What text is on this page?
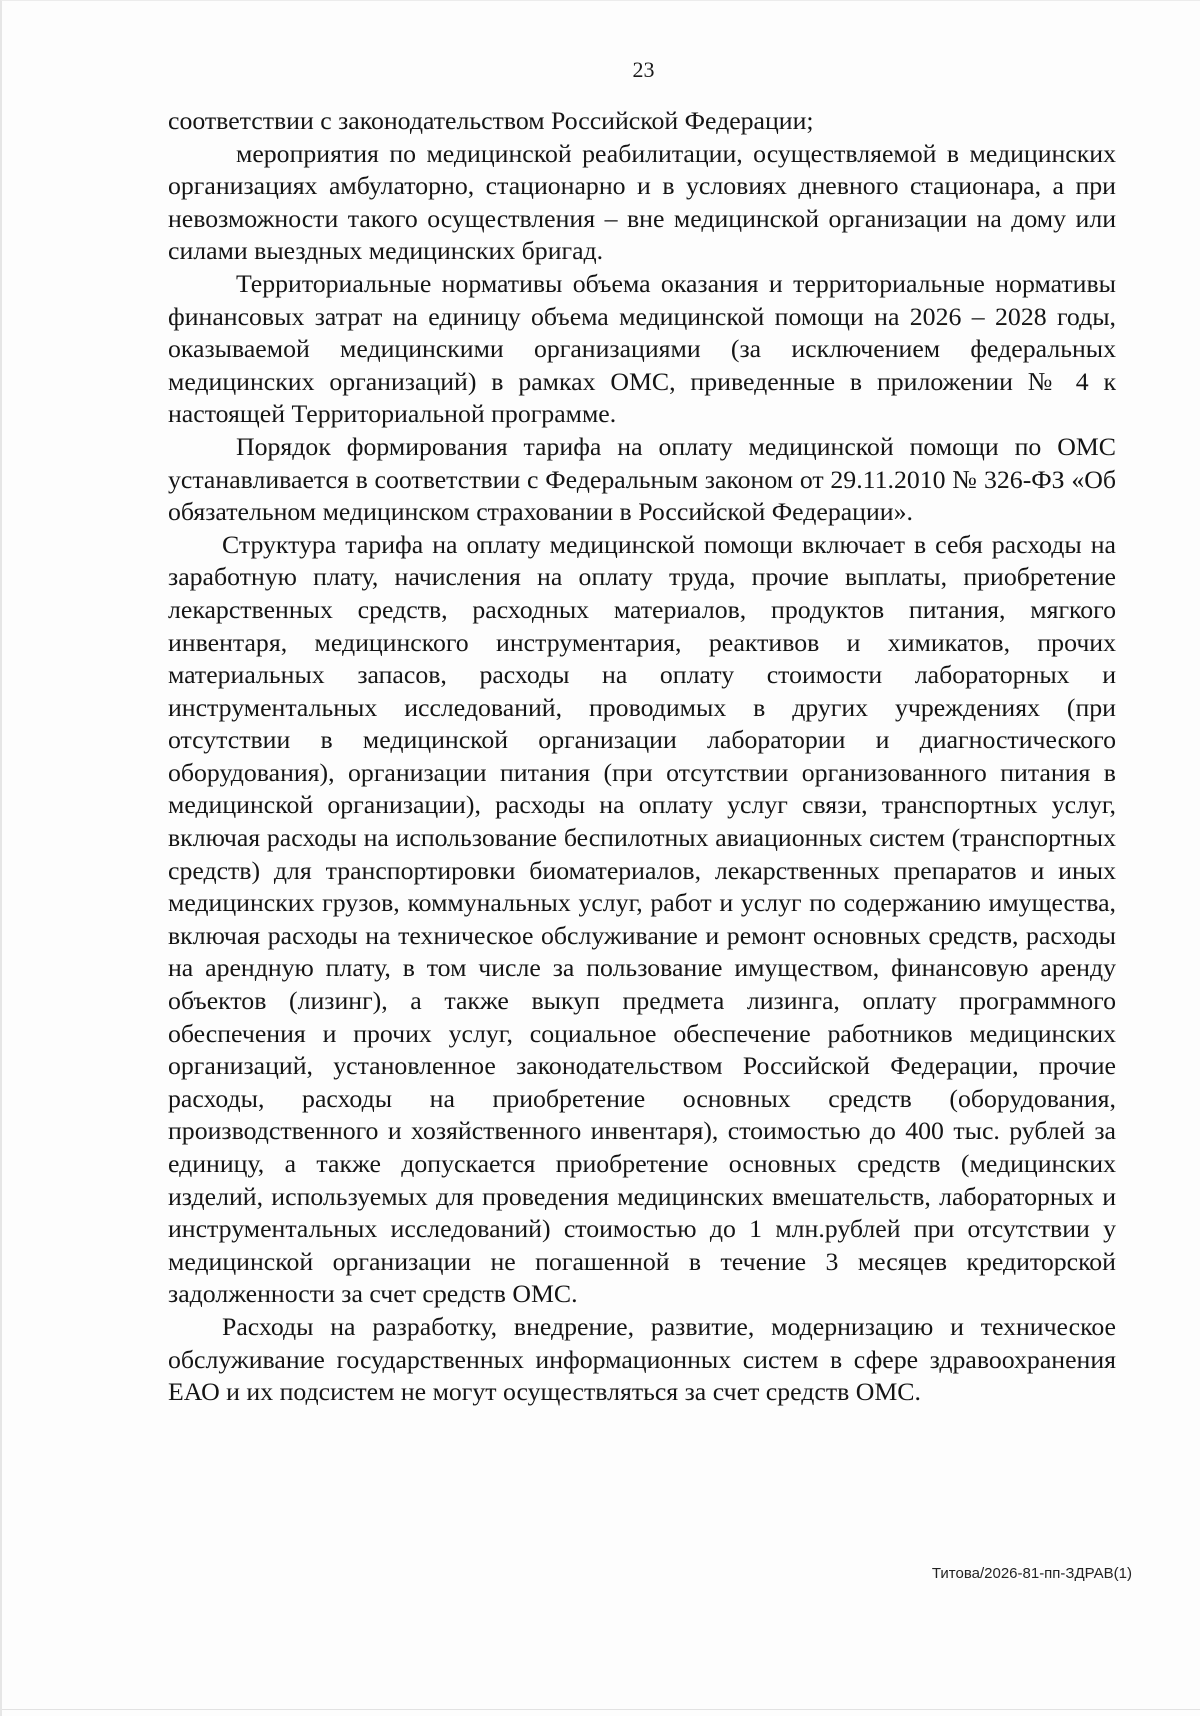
23

соответствии с законодательством Российской Федерации;

мероприятия по медицинской реабилитации, осуществляемой в медицинских организациях амбулаторно, стационарно и в условиях дневного стационара, а при невозможности такого осуществления – вне медицинской организации на дому или силами выездных медицинских бригад.

Территориальные нормативы объема оказания и территориальные нормативы финансовых затрат на единицу объема медицинской помощи на 2026 – 2028 годы, оказываемой медицинскими организациями (за исключением федеральных медицинских организаций) в рамках ОМС, приведенные в приложении № 4 к настоящей Территориальной программе.

Порядок формирования тарифа на оплату медицинской помощи по ОМС устанавливается в соответствии с Федеральным законом от 29.11.2010 № 326-ФЗ «Об обязательном медицинском страховании в Российской Федерации».

Структура тарифа на оплату медицинской помощи включает в себя расходы на заработную плату, начисления на оплату труда, прочие выплаты, приобретение лекарственных средств, расходных материалов, продуктов питания, мягкого инвентаря, медицинского инструментария, реактивов и химикатов, прочих материальных запасов, расходы на оплату стоимости лабораторных и инструментальных исследований, проводимых в других учреждениях (при отсутствии в медицинской организации лаборатории и диагностического оборудования), организации питания (при отсутствии организованного питания в медицинской организации), расходы на оплату услуг связи, транспортных услуг, включая расходы на использование беспилотных авиационных систем (транспортных средств) для транспортировки биоматериалов, лекарственных препаратов и иных медицинских грузов, коммунальных услуг, работ и услуг по содержанию имущества, включая расходы на техническое обслуживание и ремонт основных средств, расходы на арендную плату, в том числе за пользование имуществом, финансовую аренду объектов (лизинг), а также выкуп предмета лизинга, оплату программного обеспечения и прочих услуг, социальное обеспечение работников медицинских организаций, установленное законодательством Российской Федерации, прочие расходы, расходы на приобретение основных средств (оборудования, производственного и хозяйственного инвентаря), стоимостью до 400 тыс. рублей за единицу, а также допускается приобретение основных средств (медицинских изделий, используемых для проведения медицинских вмешательств, лабораторных и инструментальных исследований) стоимостью до 1 млн.рублей при отсутствии у медицинской организации не погашенной в течение 3 месяцев кредиторской задолженности за счет средств ОМС.

Расходы на разработку, внедрение, развитие, модернизацию и техническое обслуживание государственных информационных систем в сфере здравоохранения ЕАО и их подсистем не могут осуществляться за счет средств ОМС.

Титова/2026-81-пп-ЗДРАВ(1)
